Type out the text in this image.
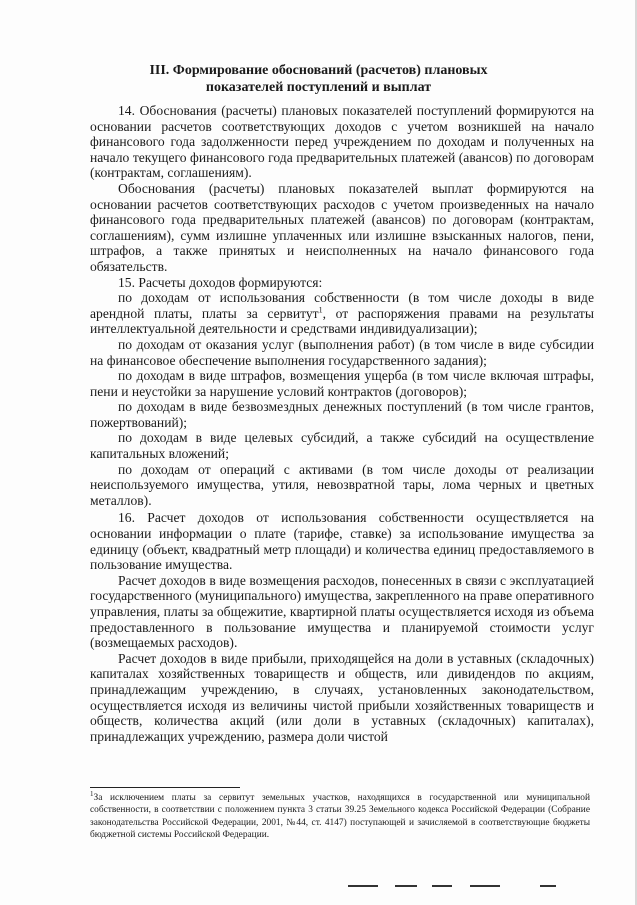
III. Формирование обоснований (расчетов) плановых
показателей поступлений и выплат

14. Обоснования (расчеты) плановых показателей поступлений формируются на основании расчетов соответствующих доходов с учетом возникшей на начало финансового года задолженности перед учреждением по доходам и полученных на начало текущего финансового года предварительных платежей (авансов) по договорам (контрактам, соглашениям).

Обоснования (расчеты) плановых показателей выплат формируются на основании расчетов соответствующих расходов с учетом произведенных на начало финансового года предварительных платежей (авансов) по договорам (контрактам, соглашениям), сумм излишне уплаченных или излишне взысканных налогов, пени, штрафов, а также принятых и неисполненных на начало финансового года обязательств.

15. Расчеты доходов формируются:

по доходам от использования собственности (в том числе доходы в виде арендной платы, платы за сервитут$^1$, от распоряжения правами на результаты интеллектуальной деятельности и средствами индивидуализации);

по доходам от оказания услуг (выполнения работ) (в том числе в виде субсидии на финансовое обеспечение выполнения государственного задания);

по доходам в виде штрафов, возмещения ущерба (в том числе включая штрафы, пени и неустойки за нарушение условий контрактов (договоров);

по доходам в виде безвозмездных денежных поступлений (в том числе грантов, пожертвований);

по доходам в виде целевых субсидий, а также субсидий на осуществление капитальных вложений;

по доходам от операций с активами (в том числе доходы от реализации неиспользуемого имущества, утиля, невозвратной тары, лома черных и цветных металлов).

16. Расчет доходов от использования собственности осуществляется на основании информации о плате (тарифе, ставке) за использование имущества за единицу (объект, квадратный метр площади) и количества единиц предоставляемого в пользование имущества.

Расчет доходов в виде возмещения расходов, понесенных в связи с эксплуатацией государственного (муниципального) имущества, закрепленного на праве оперативного управления, платы за общежитие, квартирной платы осуществляется исходя из объема предоставленного в пользование имущества и планируемой стоимости услуг (возмещаемых расходов).

Расчет доходов в виде прибыли, приходящейся на доли в уставных (складочных) капиталах хозяйственных товариществ и обществ, или дивидендов по акциям, принадлежащим учреждению, в случаях, установленных законодательством, осуществляется исходя из величины чистой прибыли хозяйственных товариществ и обществ, количества акций (или доли в уставных (складочных) капиталах), принадлежащих учреждению, размера доли чистой

$^1$За исключением платы за сервитут земельных участков, находящихся в государственной или муниципальной собственности, в соответствии с положением пункта 3 статьи 39.25 Земельного кодекса Российской Федерации (Собрание законодательства Российской Федерации, 2001, №44, ст. 4147) поступающей и зачисляемой в соответствующие бюджеты бюджетной системы Российской Федерации.
